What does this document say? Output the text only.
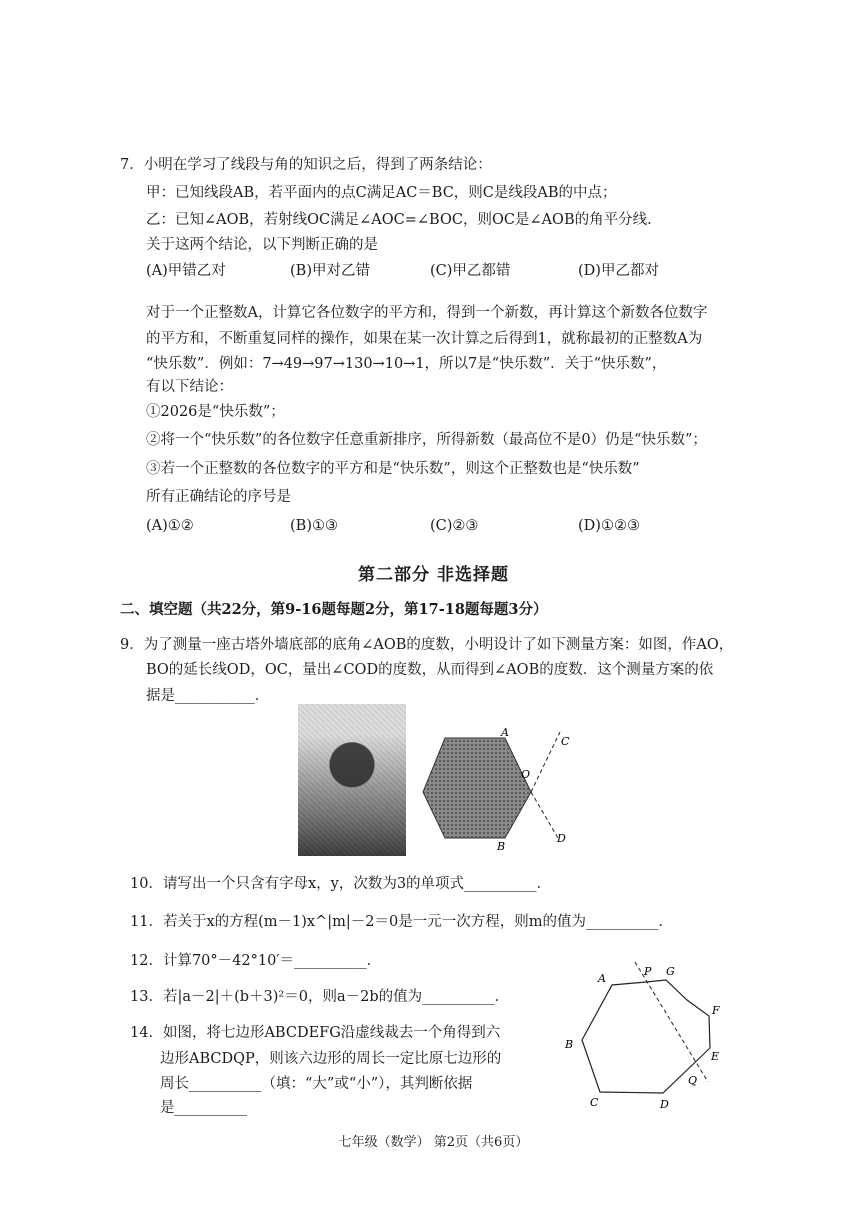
7．小明在学习了线段与角的知识之后，得到了两条结论：
甲：已知线段AB，若平面内的点C满足AC＝BC，则C是线段AB的中点；
乙：已知∠AOB，若射线OC满足∠AOC=∠BOC，则OC是∠AOB的角平分线.
关于这两个结论，以下判断正确的是
(A)甲错乙对	(B)甲对乙错	(C)甲乙都错	(D)甲乙都对
对于一个正整数A，计算它各位数字的平方和，得到一个新数，再计算这个新数各位数字
的平方和，不断重复同样的操作，如果在某一次计算之后得到1，就称最初的正整数A为
“快乐数”．例如：7→49→97→130→10→1，所以7是“快乐数”．关于“快乐数”，
有以下结论：
①2026是“快乐数”；
②将一个“快乐数”的各位数字任意重新排序，所得新数（最高位不是0）仍是“快乐数”；
③若一个正整数的各位数字的平方和是“快乐数”，则这个正整数也是“快乐数”
所有正确结论的序号是
(A)①②	(B)①③	(C)②③	(D)①②③
第二部分 非选择题
二、填空题（共22分，第9-16题每题2分，第17-18题每题3分）
9．为了测量一座古塔外墙底部的底角∠AOB的度数，小明设计了如下测量方案：如图，作AO，
BO的延长线OD，OC，量出∠COD的度数，从而得到∠AOB的度数．这个测量方案的依
据是___________．
A
B
C
D
O
10．请写出一个只含有字母x，y，次数为3的单项式__________．
11．若关于x的方程(m－1)x^|m|－2＝0是一元一次方程，则m的值为__________．
12．计算70°－42°10′＝__________．
13．若|a－2|＋(b＋3)²＝0，则a－2b的值为__________．
14．如图，将七边形ABCDEFG沿虚线裁去一个角得到六
边形ABCDQP，则该六边形的周长一定比原七边形的
周长__________（填：“大”或“小”），其判断依据
是__________
A
B
C	D
E
F
G
P
Q
七年级（数学） 第2页（共6页）
